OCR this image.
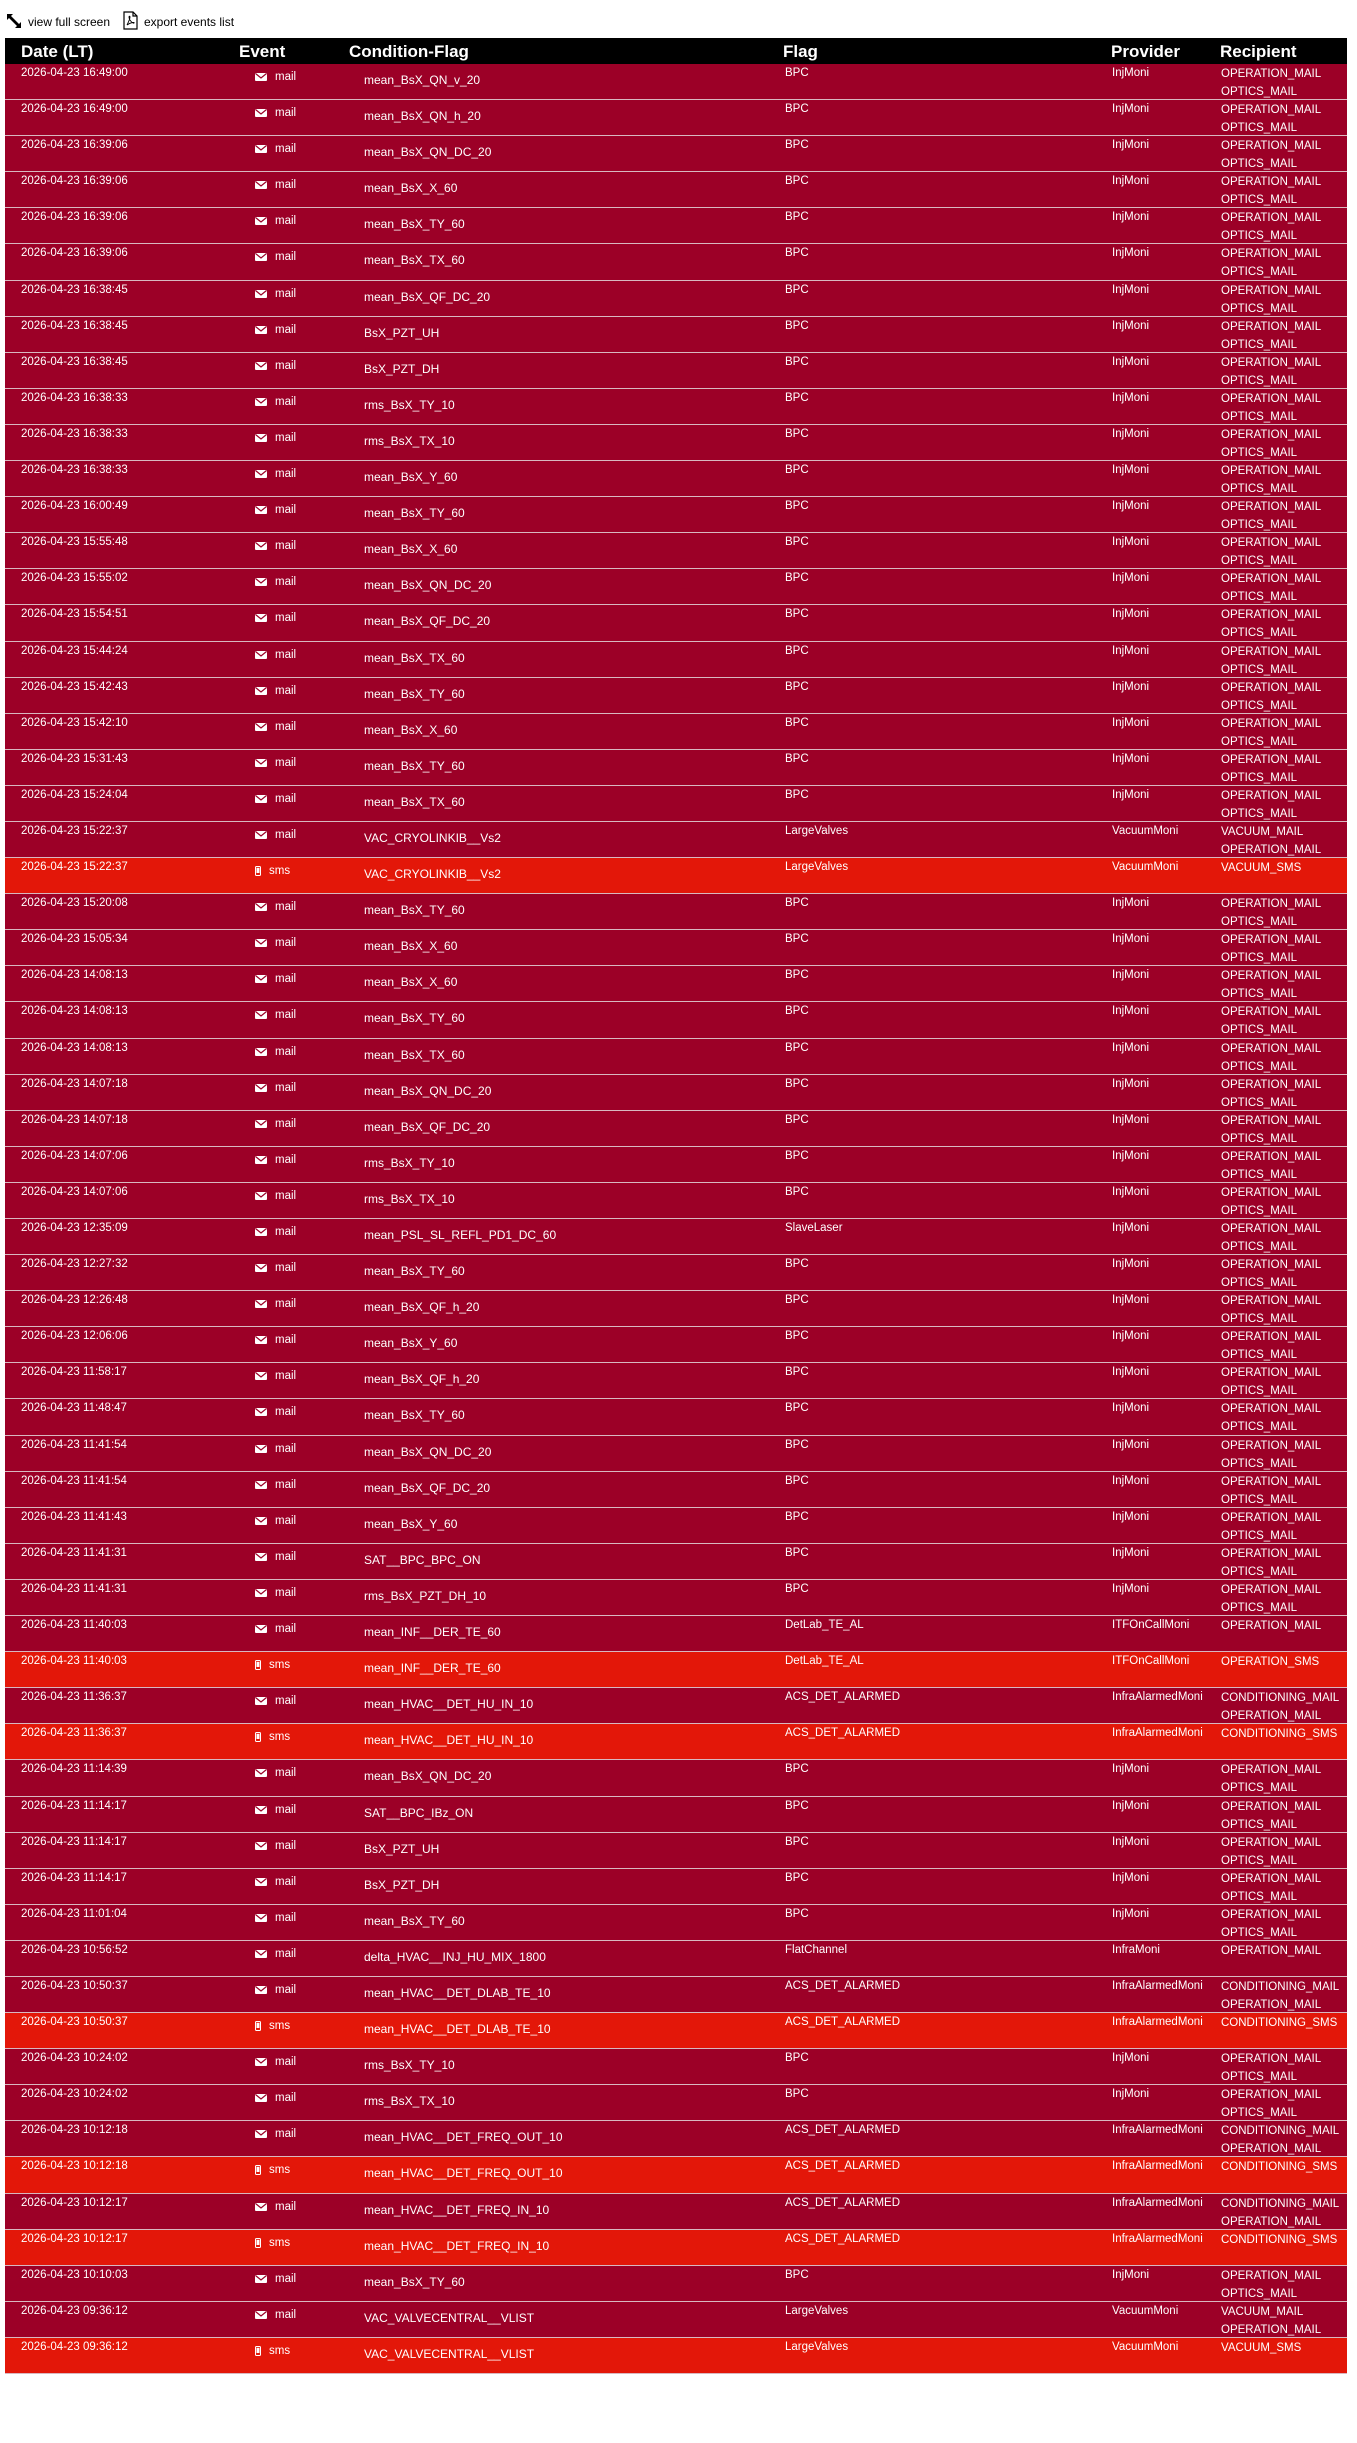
view full screen	export events list
Date (LT)	Event	Condition-Flag	Flag	Provider Recipient
2026-04-23 16:49:00	mail	mean_BsX_QN_v_20	BPC	InjMoni	OPERATION_MAIL
OPTICS_MAIL
2026-04-23 16:49:00	mail	mean_BsX_QN_h_20	BPC	InjMoni	OPERATION_MAIL
OPTICS_MAIL
2026-04-23 16:39:06	mail	mean_BsX_QN_DC_20	BPC	InjMoni	OPERATION_MAIL
OPTICS_MAIL
2026-04-23 16:39:06	mail	mean_BsX_X_60	BPC	InjMoni	OPERATION_MAIL
OPTICS_MAIL
2026-04-23 16:39:06	mail	mean_BsX_TY_60	BPC	InjMoni	OPERATION_MAIL
OPTICS_MAIL
2026-04-23 16:39:06	mail	mean_BsX_TX_60	BPC	InjMoni	OPERATION_MAIL
OPTICS_MAIL
2026-04-23 16:38:45	mail	mean_BsX_QF_DC_20	BPC	InjMoni	OPERATION_MAIL
OPTICS_MAIL
2026-04-23 16:38:45	mail	BsX_PZT_UH	BPC	InjMoni	OPERATION_MAIL
OPTICS_MAIL
2026-04-23 16:38:45	mail	BsX_PZT_DH	BPC	InjMoni	OPERATION_MAIL
OPTICS_MAIL
2026-04-23 16:38:33	mail	rms_BsX_TY_10	BPC	InjMoni	OPERATION_MAIL
OPTICS_MAIL
2026-04-23 16:38:33	mail	rms_BsX_TX_10	BPC	InjMoni	OPERATION_MAIL
OPTICS_MAIL
2026-04-23 16:38:33	mail	mean_BsX_Y_60	BPC	InjMoni	OPERATION_MAIL
OPTICS_MAIL
2026-04-23 16:00:49	mail	mean_BsX_TY_60	BPC	InjMoni	OPERATION_MAIL
OPTICS_MAIL
2026-04-23 15:55:48	mail	mean_BsX_X_60	BPC	InjMoni	OPERATION_MAIL
OPTICS_MAIL
2026-04-23 15:55:02	mail	mean_BsX_QN_DC_20	BPC	InjMoni	OPERATION_MAIL
OPTICS_MAIL
2026-04-23 15:54:51	mail	mean_BsX_QF_DC_20	BPC	InjMoni	OPERATION_MAIL
OPTICS_MAIL
2026-04-23 15:44:24	mail	mean_BsX_TX_60	BPC	InjMoni	OPERATION_MAIL
OPTICS_MAIL
2026-04-23 15:42:43	mail	mean_BsX_TY_60	BPC	InjMoni	OPERATION_MAIL
OPTICS_MAIL
2026-04-23 15:42:10	mail	mean_BsX_X_60	BPC	InjMoni	OPERATION_MAIL
OPTICS_MAIL
2026-04-23 15:31:43	mail	mean_BsX_TY_60	BPC	InjMoni	OPERATION_MAIL
OPTICS_MAIL
2026-04-23 15:24:04	mail	mean_BsX_TX_60	BPC	InjMoni	OPERATION_MAIL
OPTICS_MAIL
2026-04-23 15:22:37	mail	VAC_CRYOLINKIB__Vs2	LargeValves	VacuumMoni	VACUUM_MAIL
OPERATION_MAIL
2026-04-23 15:22:37	sms	VAC_CRYOLINKIB__Vs2	LargeValves	VacuumMoni	VACUUM_SMS
2026-04-23 15:20:08	mail	mean_BsX_TY_60	BPC	InjMoni	OPERATION_MAIL
OPTICS_MAIL
2026-04-23 15:05:34	mail	mean_BsX_X_60	BPC	InjMoni	OPERATION_MAIL
OPTICS_MAIL
2026-04-23 14:08:13	mail	mean_BsX_X_60	BPC	InjMoni	OPERATION_MAIL
OPTICS_MAIL
2026-04-23 14:08:13	mail	mean_BsX_TY_60	BPC	InjMoni	OPERATION_MAIL
OPTICS_MAIL
2026-04-23 14:08:13	mail	mean_BsX_TX_60	BPC	InjMoni	OPERATION_MAIL
OPTICS_MAIL
2026-04-23 14:07:18	mail	mean_BsX_QN_DC_20	BPC	InjMoni	OPERATION_MAIL
OPTICS_MAIL
2026-04-23 14:07:18	mail	mean_BsX_QF_DC_20	BPC	InjMoni	OPERATION_MAIL
OPTICS_MAIL
2026-04-23 14:07:06	mail	rms_BsX_TY_10	BPC	InjMoni	OPERATION_MAIL
OPTICS_MAIL
2026-04-23 14:07:06	mail	rms_BsX_TX_10	BPC	InjMoni	OPERATION_MAIL
OPTICS_MAIL
2026-04-23 12:35:09	mail	mean_PSL_SL_REFL_PD1_DC_60	SlaveLaser	InjMoni	OPERATION_MAIL
OPTICS_MAIL
2026-04-23 12:27:32	mail	mean_BsX_TY_60	BPC	InjMoni	OPERATION_MAIL
OPTICS_MAIL
2026-04-23 12:26:48	mail	mean_BsX_QF_h_20	BPC	InjMoni	OPERATION_MAIL
OPTICS_MAIL
2026-04-23 12:06:06	mail	mean_BsX_Y_60	BPC	InjMoni	OPERATION_MAIL
OPTICS_MAIL
2026-04-23 11:58:17	mail	mean_BsX_QF_h_20	BPC	InjMoni	OPERATION_MAIL
OPTICS_MAIL
2026-04-23 11:48:47	mail	mean_BsX_TY_60	BPC	InjMoni	OPERATION_MAIL
OPTICS_MAIL
2026-04-23 11:41:54	mail	mean_BsX_QN_DC_20	BPC	InjMoni	OPERATION_MAIL
OPTICS_MAIL
2026-04-23 11:41:54	mail	mean_BsX_QF_DC_20	BPC	InjMoni	OPERATION_MAIL
OPTICS_MAIL
2026-04-23 11:41:43	mail	mean_BsX_Y_60	BPC	InjMoni	OPERATION_MAIL
OPTICS_MAIL
2026-04-23 11:41:31	mail	SAT__BPC_BPC_ON	BPC	InjMoni	OPERATION_MAIL
OPTICS_MAIL
2026-04-23 11:41:31	mail	rms_BsX_PZT_DH_10	BPC	InjMoni	OPERATION_MAIL
OPTICS_MAIL
2026-04-23 11:40:03	mail	mean_INF__DER_TE_60	DetLab_TE_AL	ITFOnCallMoni	OPERATION_MAIL
2026-04-23 11:40:03	sms	mean_INF__DER_TE_60	DetLab_TE_AL	ITFOnCallMoni	OPERATION_SMS
2026-04-23 11:36:37	mail	mean_HVAC__DET_HU_IN_10	ACS_DET_ALARMED	InfraAlarmedMoni CONDITIONING_MAIL
OPERATION_MAIL
2026-04-23 11:36:37	sms	mean_HVAC__DET_HU_IN_10	ACS_DET_ALARMED	InfraAlarmedMoni CONDITIONING_SMS
2026-04-23 11:14:39	mail	mean_BsX_QN_DC_20	BPC	InjMoni	OPERATION_MAIL
OPTICS_MAIL
2026-04-23 11:14:17	mail	SAT__BPC_IBz_ON	BPC	InjMoni	OPERATION_MAIL
OPTICS_MAIL
2026-04-23 11:14:17	mail	BsX_PZT_UH	BPC	InjMoni	OPERATION_MAIL
OPTICS_MAIL
2026-04-23 11:14:17	mail	BsX_PZT_DH	BPC	InjMoni	OPERATION_MAIL
OPTICS_MAIL
2026-04-23 11:01:04	mail	mean_BsX_TY_60	BPC	InjMoni	OPERATION_MAIL
OPTICS_MAIL
2026-04-23 10:56:52	mail	delta_HVAC__INJ_HU_MIX_1800	FlatChannel	InfraMoni	OPERATION_MAIL
2026-04-23 10:50:37	mail	mean_HVAC__DET_DLAB_TE_10	ACS_DET_ALARMED	InfraAlarmedMoni CONDITIONING_MAIL
OPERATION_MAIL
2026-04-23 10:50:37	sms	mean_HVAC__DET_DLAB_TE_10	ACS_DET_ALARMED	InfraAlarmedMoni CONDITIONING_SMS
2026-04-23 10:24:02	mail	rms_BsX_TY_10	BPC	InjMoni	OPERATION_MAIL
OPTICS_MAIL
2026-04-23 10:24:02	mail	rms_BsX_TX_10	BPC	InjMoni	OPERATION_MAIL
OPTICS_MAIL
2026-04-23 10:12:18	mail	mean_HVAC__DET_FREQ_OUT_10	ACS_DET_ALARMED	InfraAlarmedMoni CONDITIONING_MAIL
OPERATION_MAIL
2026-04-23 10:12:18	sms	mean_HVAC__DET_FREQ_OUT_10	ACS_DET_ALARMED	InfraAlarmedMoni CONDITIONING_SMS
2026-04-23 10:12:17	mail	mean_HVAC__DET_FREQ_IN_10	ACS_DET_ALARMED	InfraAlarmedMoni CONDITIONING_MAIL
OPERATION_MAIL
2026-04-23 10:12:17	sms	mean_HVAC__DET_FREQ_IN_10	ACS_DET_ALARMED	InfraAlarmedMoni CONDITIONING_SMS
2026-04-23 10:10:03	mail	mean_BsX_TY_60	BPC	InjMoni	OPERATION_MAIL
OPTICS_MAIL
2026-04-23 09:36:12	mail	VAC_VALVECENTRAL__VLIST	LargeValves	VacuumMoni	VACUUM_MAIL
OPERATION_MAIL
2026-04-23 09:36:12	sms	VAC_VALVECENTRAL__VLIST	LargeValves	VacuumMoni	VACUUM_SMS
